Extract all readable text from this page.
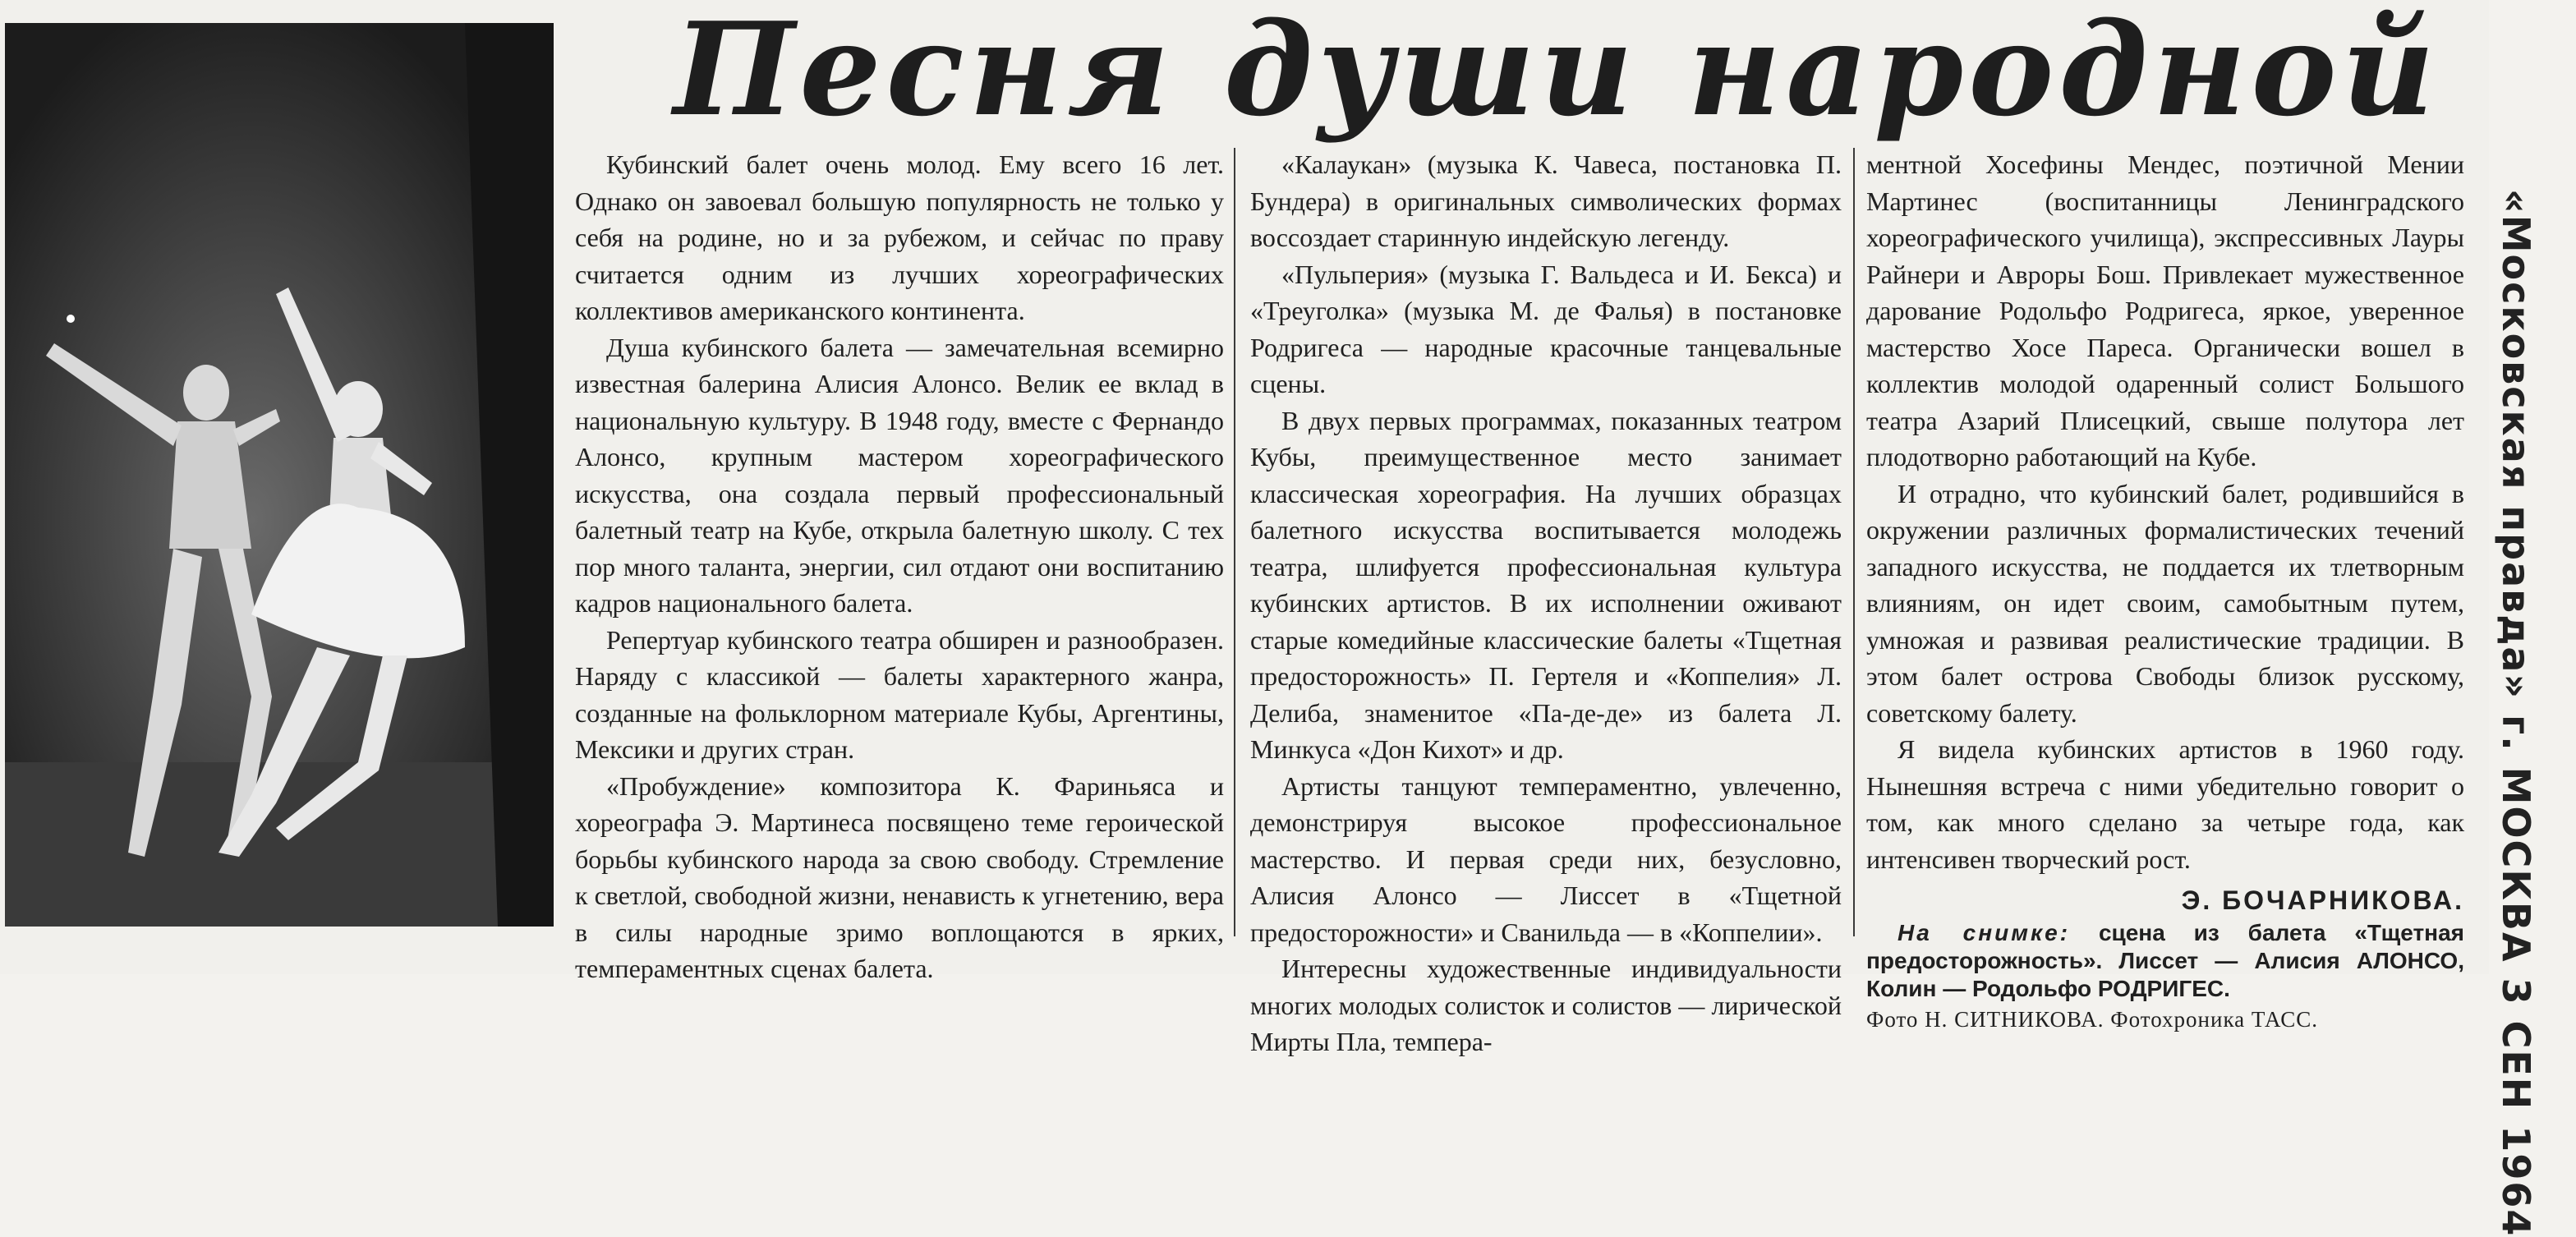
Песня души народной

Кубинский балет очень молод. Ему всего 16 лет. Однако он завоевал большую популярность не только у себя на родине, но и за рубежом, и сейчас по праву считается одним из лучших хореографических коллективов американского континента.

Душа кубинского балета — замечательная всемирно известная балерина Алисия Алонсо. Велик ее вклад в национальную культуру. В 1948 году, вместе с Фернандо Алонсо, крупным мастером хореографического искусства, она создала первый профессиональный балетный театр на Кубе, открыла балетную школу. С тех пор много таланта, энергии, сил отдают они воспитанию кадров национального балета.

Репертуар кубинского театра обширен и разнообразен. Наряду с классикой — балеты характерного жанра, созданные на фольклорном материале Кубы, Аргентины, Мексики и других стран.

«Пробуждение» композитора К. Фариньяса и хореографа Э. Мартинеса посвящено теме героической борьбы кубинского народа за свою свободу. Стремление к светлой, свободной жизни, ненависть к угнетению, вера в силы народные зримо воплощаются в ярких, темпераментных сценах балета.

«Калаукан» (музыка К. Чавеса, постановка П. Бундера) в оригинальных символических формах воссоздает старинную индейскую легенду.

«Пульперия» (музыка Г. Вальдеса и И. Бекса) и «Треуголка» (музыка М. де Фалья) в постановке Родригеса — народные красочные танцевальные сцены.

В двух первых программах, показанных театром Кубы, преимущественное место занимает классическая хореография. На лучших образцах балетного искусства воспитывается молодежь театра, шлифуется профессиональная культура кубинских артистов. В их исполнении оживают старые комедийные классические балеты «Тщетная предосторожность» П. Гертеля и «Коппелия» Л. Делиба, знаменитое «Па-де-де» из балета Л. Минкуса «Дон Кихот» и др.

Артисты танцуют темпераментно, увлеченно, демонстрируя высокое профессиональное мастерство. И первая среди них, безусловно, Алисия Алонсо — Лиссет в «Тщетной предосторожности» и Сванильда — в «Коппелии».

Интересны художественные индивидуальности многих молодых солисток и солистов — лирической Мирты Пла, темпера-

ментной Хосефины Мендес, поэтичной Мении Мартинес (воспитанницы Ленинградского хореографического училища), экспрессивных Лауры Райнери и Авроры Бош. Привлекает мужественное дарование Родольфо Родригеса, яркое, уверенное мастерство Хосе Пареса. Органически вошел в коллектив молодой одаренный солист Большого театра Азарий Плисецкий, свыше полутора лет плодотворно работающий на Кубе.

И отрадно, что кубинский балет, родившийся в окружении различных формалистических течений западного искусства, не поддается их тлетворным влияниям, он идет своим, самобытным путем, умножая и развивая реалистические традиции. В этом балет острова Свободы близок русскому, советскому балету.

Я видела кубинских артистов в 1960 году. Нынешняя встреча с ними убедительно говорит о том, как много сделано за четыре года, как интенсивен творческий рост.

Э. БОЧАРНИКОВА.

На снимке: сцена из балета «Тщетная предосторожность». Лиссет — Алисия АЛОНСО, Колин — Родольфо РОДРИГЕС.

Фото Н. СИТНИКОВА. Фотохроника ТАСС.	«Московская правда» г. МОСКВА 3 СЕН 1964
